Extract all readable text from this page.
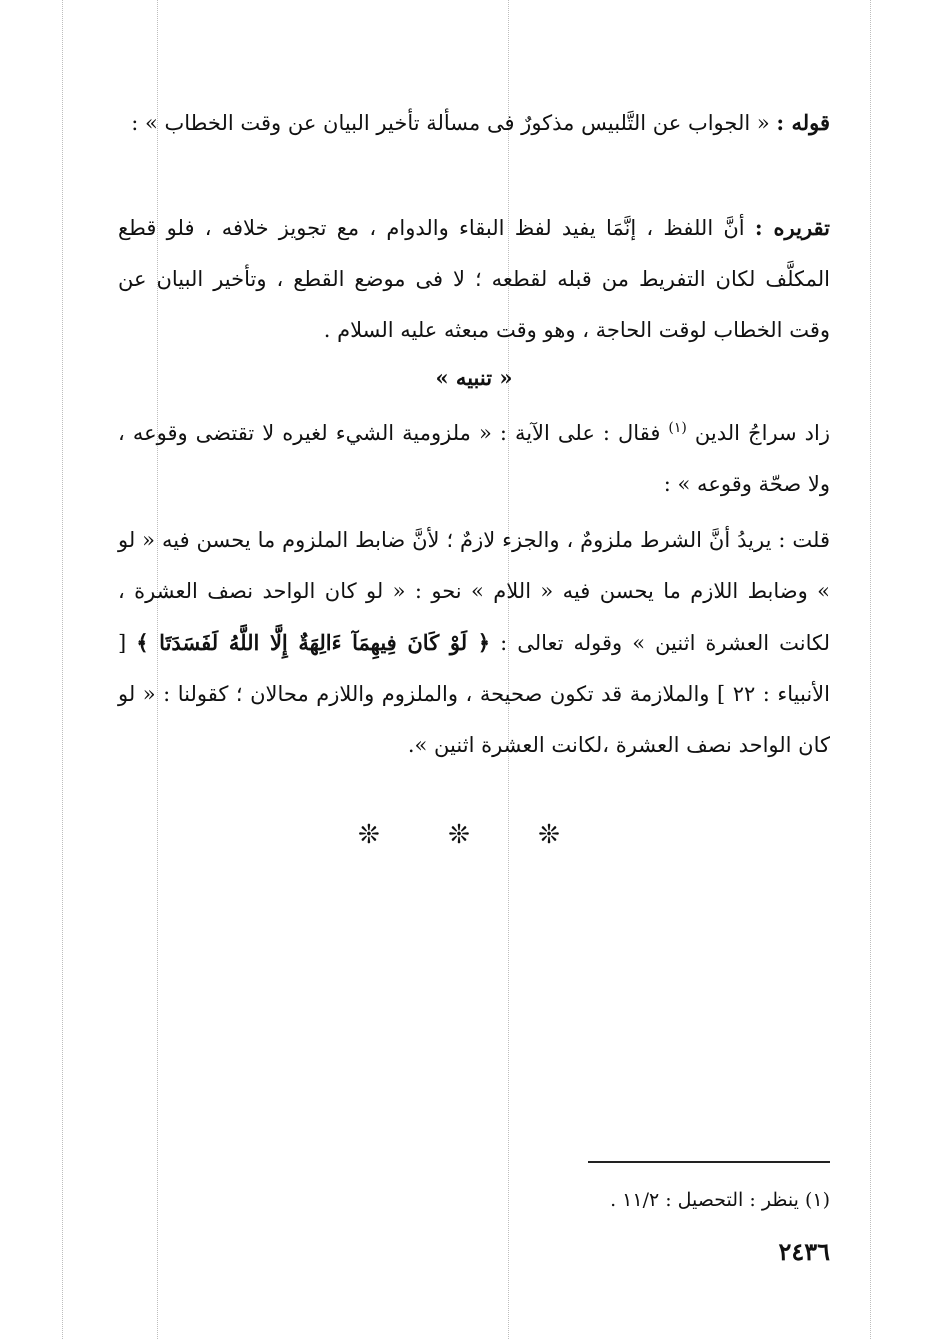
قوله : « الجواب عن التَّلبيس مذكورٌ فى مسألة تأخير البيان عن وقت الخطاب » :
تقريره : أنَّ اللفظ ، إنَّمَا يفيد لفظ البقاء والدوام ، مع تجويز خلافه ، فلو قطع المكلَّف لكان التفريط من قبله لقطعه ؛ لا فى موضع القطع ، وتأخير البيان عن وقت الخطاب لوقت الحاجة ، وهو وقت مبعثه عليه السلام .
« تنبيه »
زاد سراجُ الدين $^{(١)}$ فقال : على الآية : « ملزومية الشيء لغيره لا تقتضى وقوعه ، ولا صحّة وقوعه » :
قلت : يريدُ أنَّ الشرط ملزومٌ ، والجزء لازمٌ ؛ لأنَّ ضابط الملزوم ما يحسن فيه « لو » وضابط اللازم ما يحسن فيه « اللام » نحو : « لو كان الواحد نصف العشرة ، لكانت العشرة اثنين » وقوله تعالى : ﴿ لَوْ كَانَ فِيهِمَآ ءَالِهَةٌ إِلَّا اللَّهُ لَفَسَدَتَا ﴾ [ الأنبياء : ٢٢ ] والملازمة قد تكون صحيحة ، والملزوم واللازم محالان ؛ كقولنا : « لو كان الواحد نصف العشرة ،لكانت العشرة اثنين ».
❊ ❊ ❊
(١) ينظر : التحصيل : ١١/٢ .
٢٤٣٦
